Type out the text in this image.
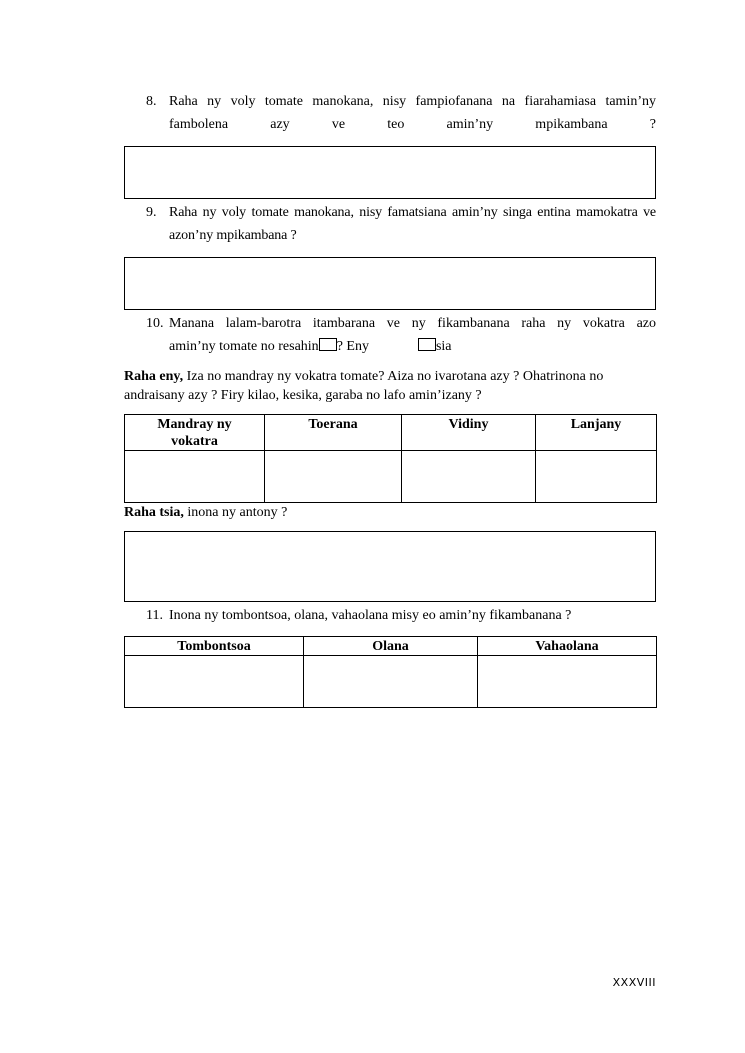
8. Raha ny voly tomate manokana, nisy fampiofanana na fiarahamiasa tamin’ny fambolena azy ve teo amin’ny mpikambana ?
9. Raha ny voly tomate manokana, nisy famatsiana amin’ny singa entina mamokatra ve azon’ny mpikambana ?
10. Manana lalam-barotra itambarana ve ny fikambanana raha ny vokatra azo
amin’ny tomate no resahin ? Eny	sia
Raha eny, Iza no mandray ny vokatra tomate? Aiza no ivarotana azy ? Ohatrinona no andraisany azy ? Firy kilao, kesika, garaba no lafo amin’izany ?
Mandray ny vokatra	Toerana	Vidiny	Lanjany

Raha tsia, inona ny antony ?
11. Inona ny tombontsoa, olana, vahaolana misy eo amin’ny fikambanana ?
Tombontsoa	Olana	Vahaolana

XXXVIII
